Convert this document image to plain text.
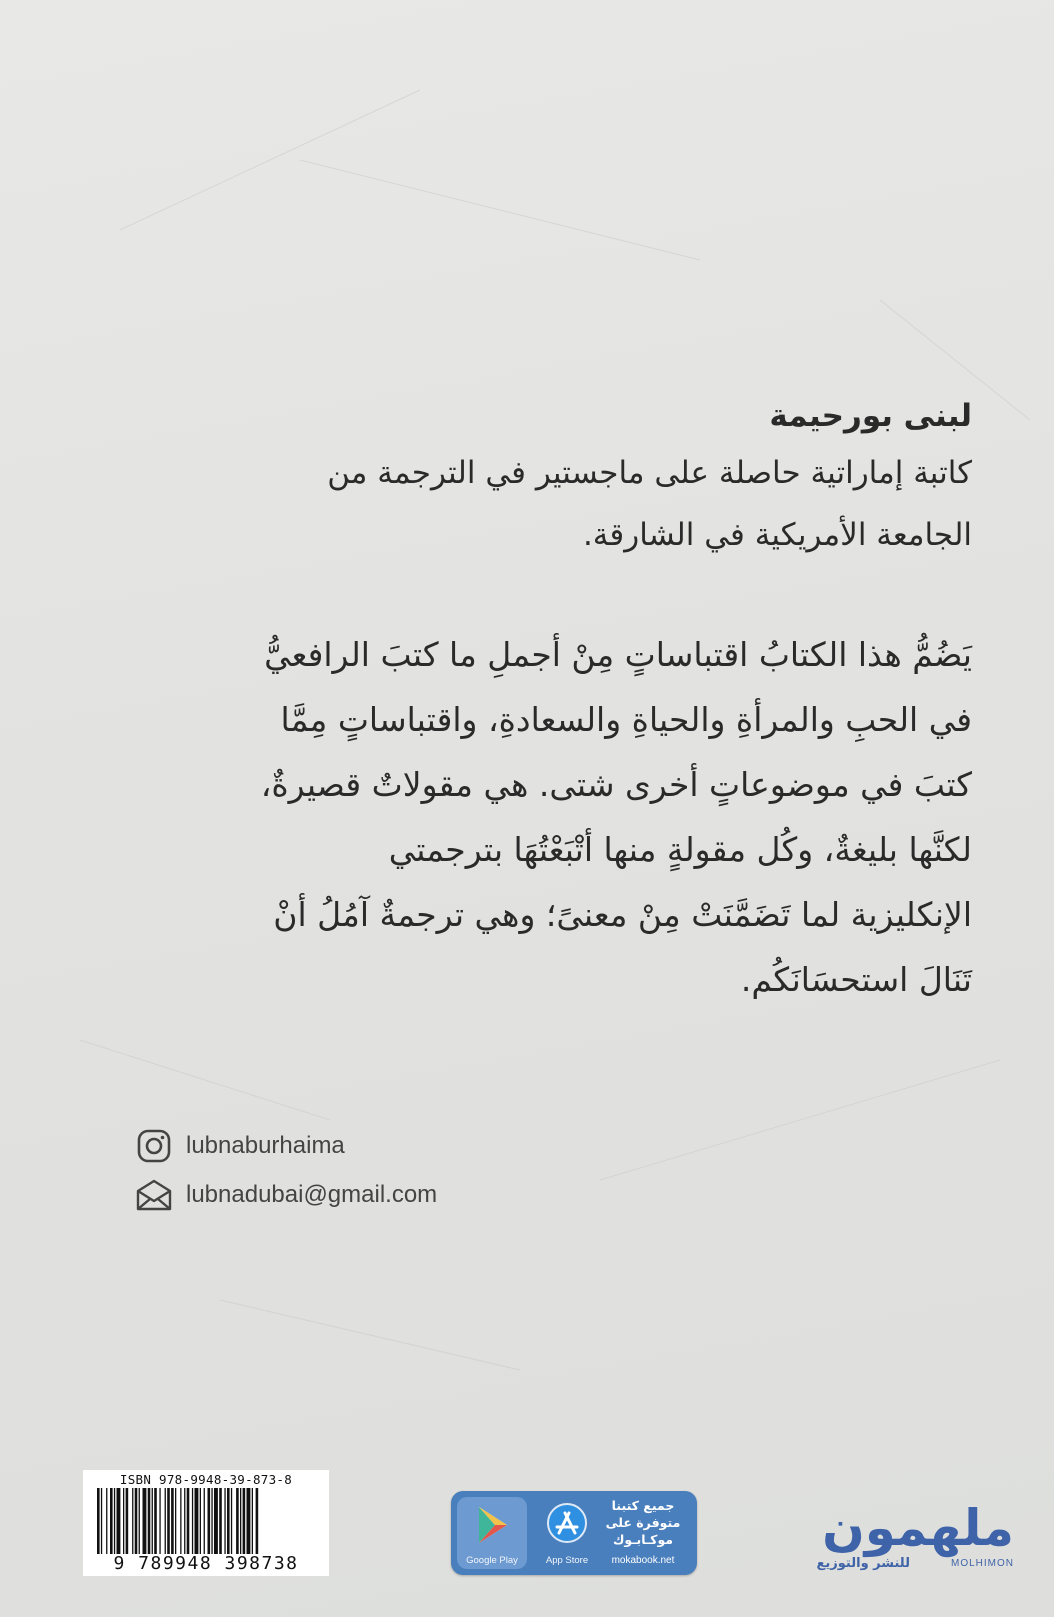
لبنى بورحيمة
كاتبة إماراتية حاصلة على ماجستير في الترجمة من
الجامعة الأمريكية في الشارقة.

يَضُمُّ هذا الكتابُ اقتباساتٍ مِنْ أجملِ ما كتبَ الرافعيُّ

في الحبِ والمرأةِ والحياةِ والسعادةِ، واقتباساتٍ مِمَّا

كتبَ في موضوعاتٍ أخرى شتى. هي مقولاتٌ قصيرةٌ،

لكنَّها بليغةٌ، وكُل مقولةٍ منها أتْبَعْتُهَا بترجمتي

الإنكليزية لما تَضَمَّنَتْ مِنْ معنىً؛ وهي ترجمةٌ آمُلُ أنْ

تَنَالَ استحسَانَكُم.

lubnaburhaima
lubnadubai@gmail.com
ISBN 978-9948-39-873-8
9 789948 398738	Google Play	App Store
جميع كتبنا
متوفرة على
موكـابـوك
mokabook.net
ملهمون
للنشر والتوزيع	MOLHIMON
